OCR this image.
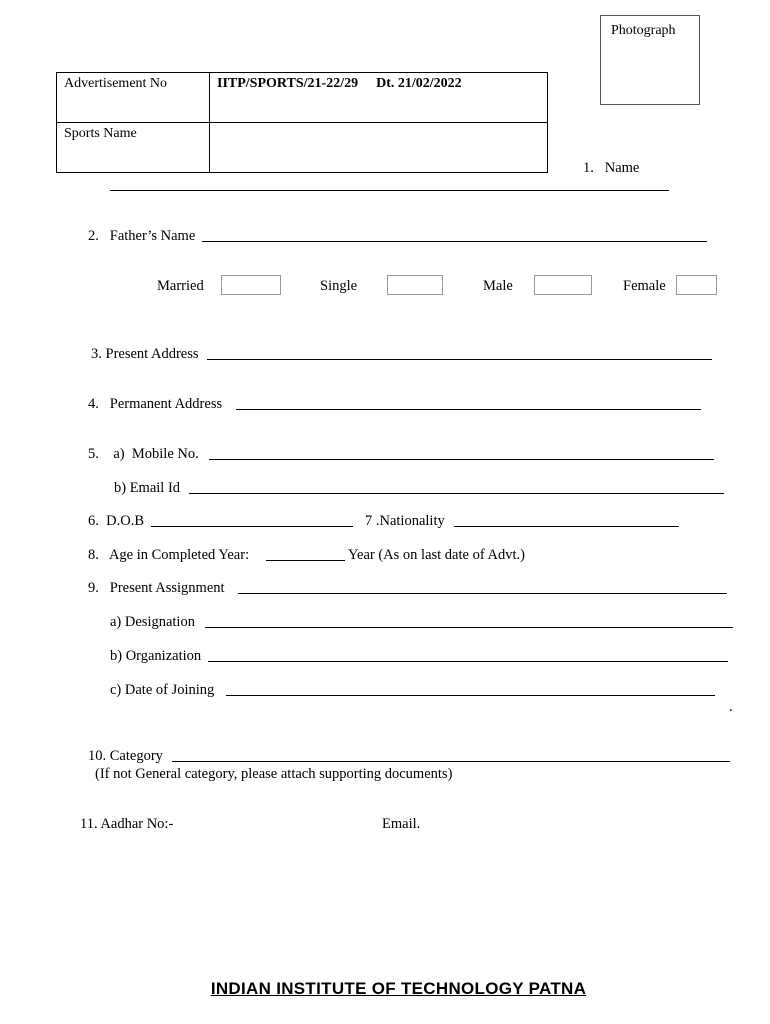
Photograph
Advertisement No	IITP/SPORTS/21-22/29 Dt. 21/02/2022
Sports Name	
1.   Name
2.   Father’s Name
Married	Single	Male	Female
3. Present Address
4.   Permanent Address
5.    a)  Mobile No.
b) Email Id
6.  D.O.B	7 .Nationality
8.   Age in Completed Year:	Year (As on last date of Advt.)
9.   Present Assignment
a) Designation
b) Organization
c) Date of Joining
.
10. Category
(If not General category, please attach supporting documents)
11. Aadhar No:-	Email.
INDIAN INSTITUTE OF TECHNOLOGY PATNA
